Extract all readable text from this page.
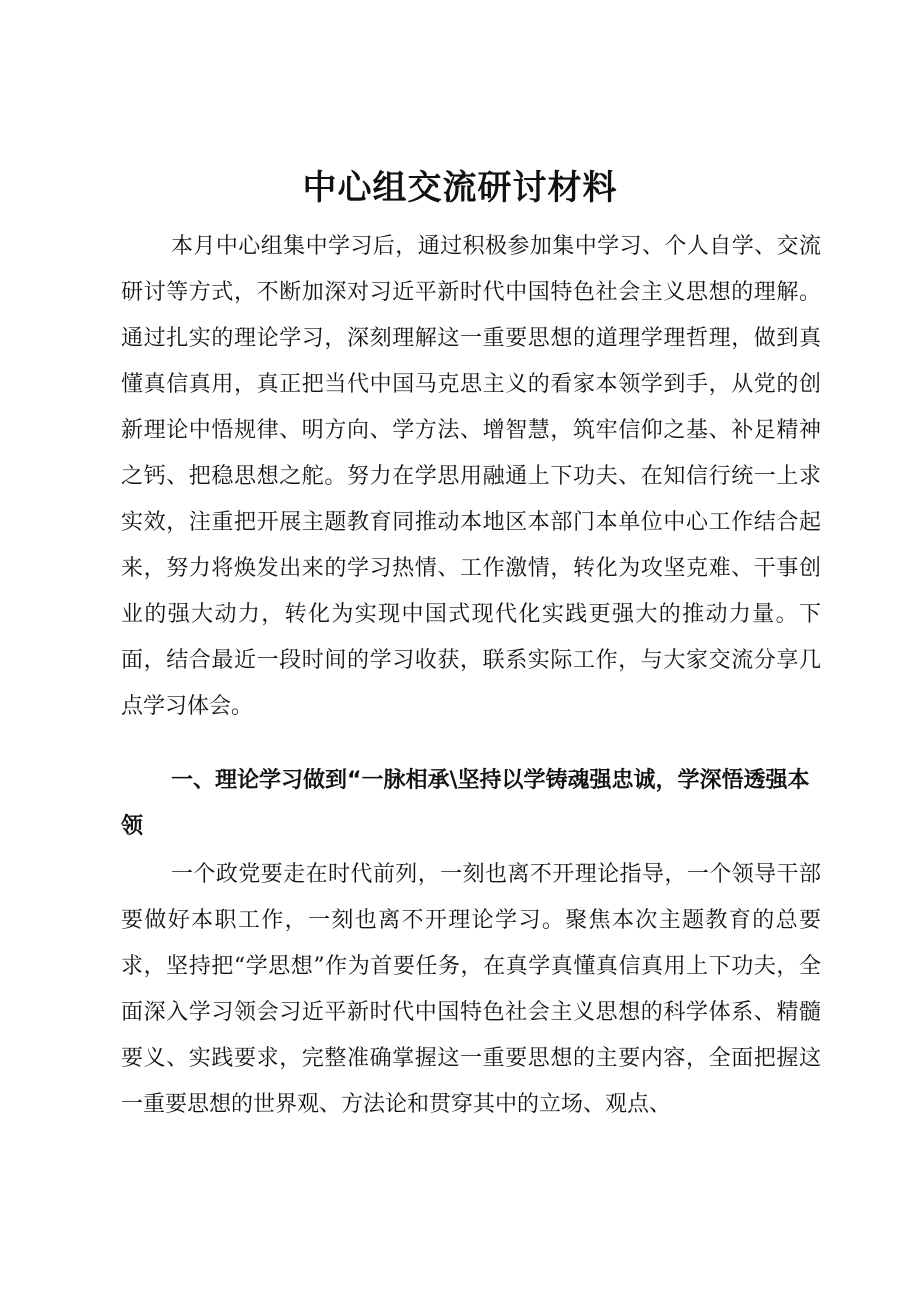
中心组交流研讨材料

本月中心组集中学习后，通过积极参加集中学习、个人自学、交流研讨等方式，不断加深对习近平新时代中国特色社会主义思想的理解。通过扎实的理论学习，深刻理解这一重要思想的道理学理哲理，做到真懂真信真用，真正把当代中国马克思主义的看家本领学到手，从党的创新理论中悟规律、明方向、学方法、增智慧，筑牢信仰之基、补足精神之钙、把稳思想之舵。努力在学思用融通上下功夫、在知信行统一上求实效，注重把开展主题教育同推动本地区本部门本单位中心工作结合起来，努力将焕发出来的学习热情、工作激情，转化为攻坚克难、干事创业的强大动力，转化为实现中国式现代化实践更强大的推动力量。下面，结合最近一段时间的学习收获，联系实际工作，与大家交流分享几点学习体会。

一、理论学习做到“一脉相承\坚持以学铸魂强忠诚，学深悟透强本领

一个政党要走在时代前列，一刻也离不开理论指导，一个领导干部要做好本职工作，一刻也离不开理论学习。聚焦本次主题教育的总要求，坚持把“学思想”作为首要任务，在真学真懂真信真用上下功夫，全面深入学习领会习近平新时代中国特色社会主义思想的科学体系、精髓要义、实践要求，完整准确掌握这一重要思想的主要内容，全面把握这一重要思想的世界观、方法论和贯穿其中的立场、观点、
